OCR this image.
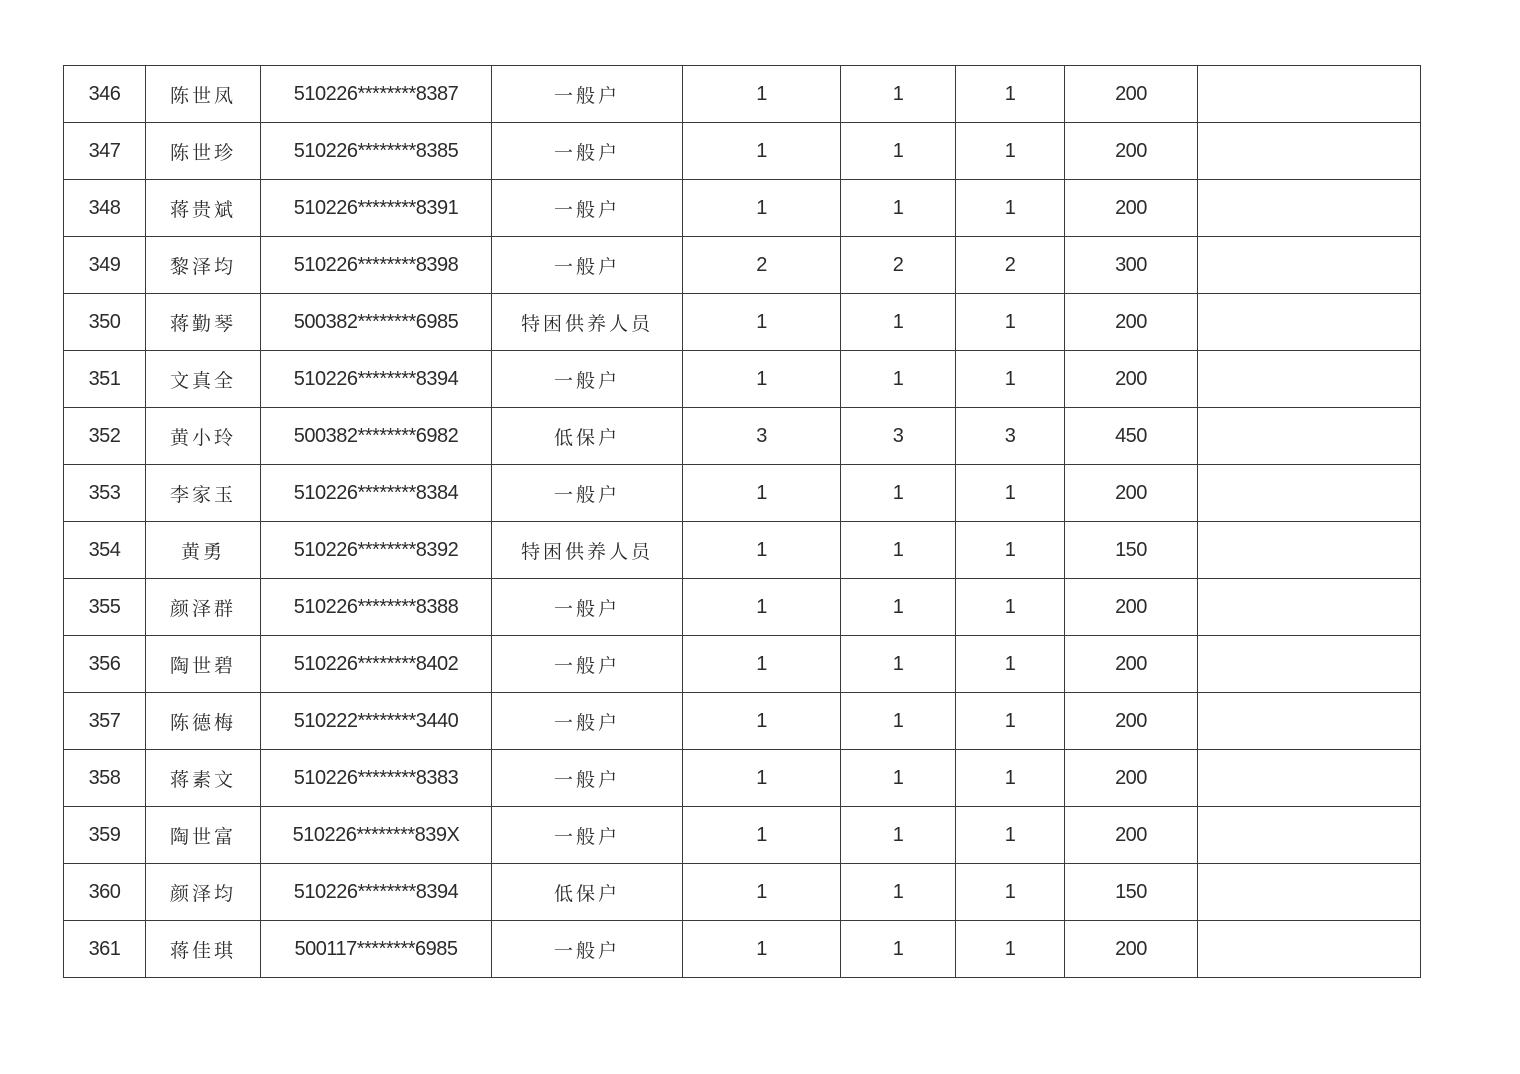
346	陈世凤	510226********8387	一般户	1	1	1	200	
347	陈世珍	510226********8385	一般户	1	1	1	200	
348	蒋贵斌	510226********8391	一般户	1	1	1	200	
349	黎泽均	510226********8398	一般户	2	2	2	300	
350	蒋勤琴	500382********6985	特困供养人员	1	1	1	200	
351	文真全	510226********8394	一般户	1	1	1	200	
352	黄小玲	500382********6982	低保户	3	3	3	450	
353	李家玉	510226********8384	一般户	1	1	1	200	
354	黄勇	510226********8392	特困供养人员	1	1	1	150	
355	颜泽群	510226********8388	一般户	1	1	1	200	
356	陶世碧	510226********8402	一般户	1	1	1	200	
357	陈德梅	510222********3440	一般户	1	1	1	200	
358	蒋素文	510226********8383	一般户	1	1	1	200	
359	陶世富	510226********839X	一般户	1	1	1	200	
360	颜泽均	510226********8394	低保户	1	1	1	150	
361	蒋佳琪	500117********6985	一般户	1	1	1	200	
